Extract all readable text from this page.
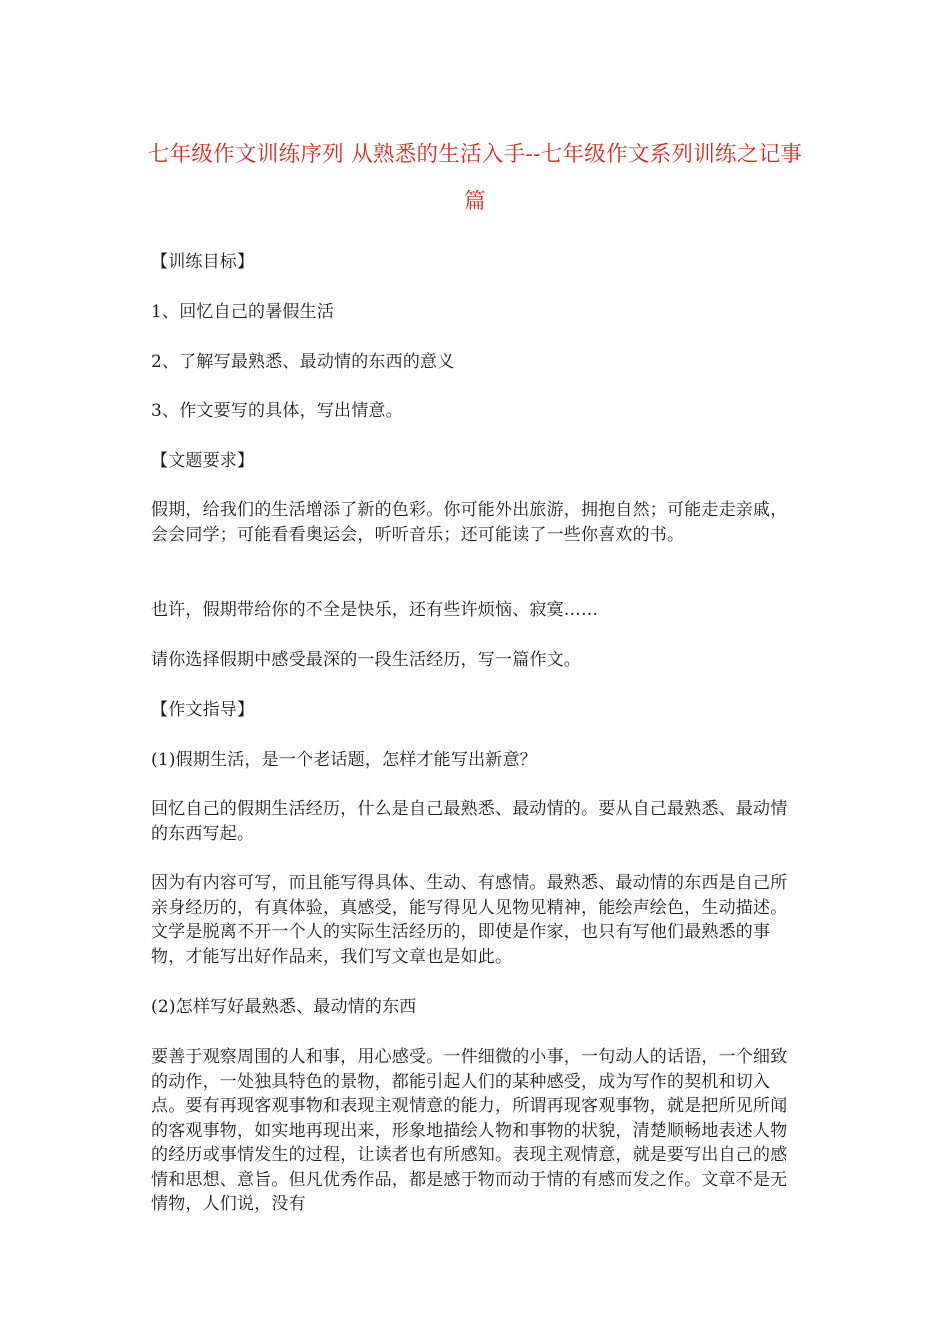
七年级作文训练序列 从熟悉的生活入手--七年级作文系列训练之记事篇

【训练目标】

1、回忆自己的暑假生活

2、了解写最熟悉、最动情的东西的意义

3、作文要写的具体，写出情意。

【文题要求】

假期，给我们的生活增添了新的色彩。你可能外出旅游，拥抱自然；可能走走亲戚，会会同学；可能看看奥运会，听听音乐；还可能读了一些你喜欢的书。

也许，假期带给你的不全是快乐，还有些许烦恼、寂寞……

请你选择假期中感受最深的一段生活经历，写一篇作文。

【作文指导】

(1)假期生活，是一个老话题，怎样才能写出新意？

回忆自己的假期生活经历，什么是自己最熟悉、最动情的。要从自己最熟悉、最动情的东西写起。

因为有内容可写，而且能写得具体、生动、有感情。最熟悉、最动情的东西是自己所亲身经历的，有真体验，真感受，能写得见人见物见精神，能绘声绘色，生动描述。文学是脱离不开一个人的实际生活经历的，即使是作家，也只有写他们最熟悉的事物，才能写出好作品来，我们写文章也是如此。

(2)怎样写好最熟悉、最动情的东西

要善于观察周围的人和事，用心感受。一件细微的小事，一句动人的话语，一个细致的动作，一处独具特色的景物，都能引起人们的某种感受，成为写作的契机和切入点。要有再现客观事物和表现主观情意的能力，所谓再现客观事物，就是把所见所闻的客观事物，如实地再现出来，形象地描绘人物和事物的状貌，清楚顺畅地表述人物的经历或事情发生的过程，让读者也有所感知。表现主观情意，就是要写出自己的感情和思想、意旨。但凡优秀作品，都是感于物而动于情的有感而发之作。文章不是无情物，人们说，没有
